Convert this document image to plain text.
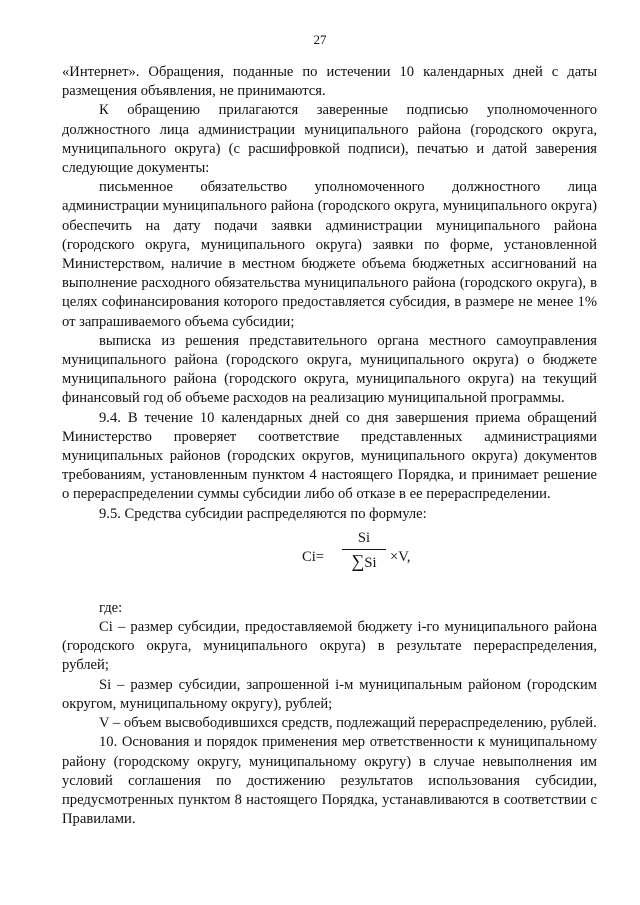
27

«Интернет». Обращения, поданные по истечении 10 календарных дней с даты размещения объявления, не принимаются.

К обращению прилагаются заверенные подписью уполномоченного должностного лица администрации муниципального района (городского округа, муниципального округа) (с расшифровкой подписи), печатью и датой заверения следующие документы:

письменное обязательство уполномоченного должностного лица администрации муниципального района (городского округа, муниципального округа) обеспечить на дату подачи заявки администрации муниципального района (городского округа, муниципального округа) заявки по форме, установленной Министерством, наличие в местном бюджете объема бюджетных ассигнований на выполнение расходного обязательства муниципального района (городского округа), в целях софинансирования которого предоставляется субсидия, в размере не менее 1% от запрашиваемого объема субсидии;

выписка из решения представительного органа местного самоуправления муниципального района (городского округа, муниципального округа) о бюджете муниципального района (городского округа, муниципального округа) на текущий финансовый год об объеме расходов на реализацию муниципальной программы.

9.4. В течение 10 календарных дней со дня завершения приема обращений Министерство проверяет соответствие представленных администрациями муниципальных районов (городских округов, муниципального округа) документов требованиям, установленным пунктом 4 настоящего Порядка, и принимает решение о перераспределении суммы субсидии либо об отказе в ее перераспределении.

9.5. Средства субсидии распределяются по формуле:

Ci=
Si
∑Si ×V,

где:

Ci – размер субсидии, предоставляемой бюджету i-го муниципального района (городского округа, муниципального округа) в результате перераспределения, рублей;

Si – размер субсидии, запрошенной i-м муниципальным районом (городским округом, муниципальному округу), рублей;

V – объем высвободившихся средств, подлежащий перераспределению, рублей.

10. Основания и порядок применения мер ответственности к муниципальному району (городскому округу, муниципальному округу) в случае невыполнения им условий соглашения по достижению результатов использования субсидии, предусмотренных пунктом 8 настоящего Порядка, устанавливаются в соответствии с Правилами.
